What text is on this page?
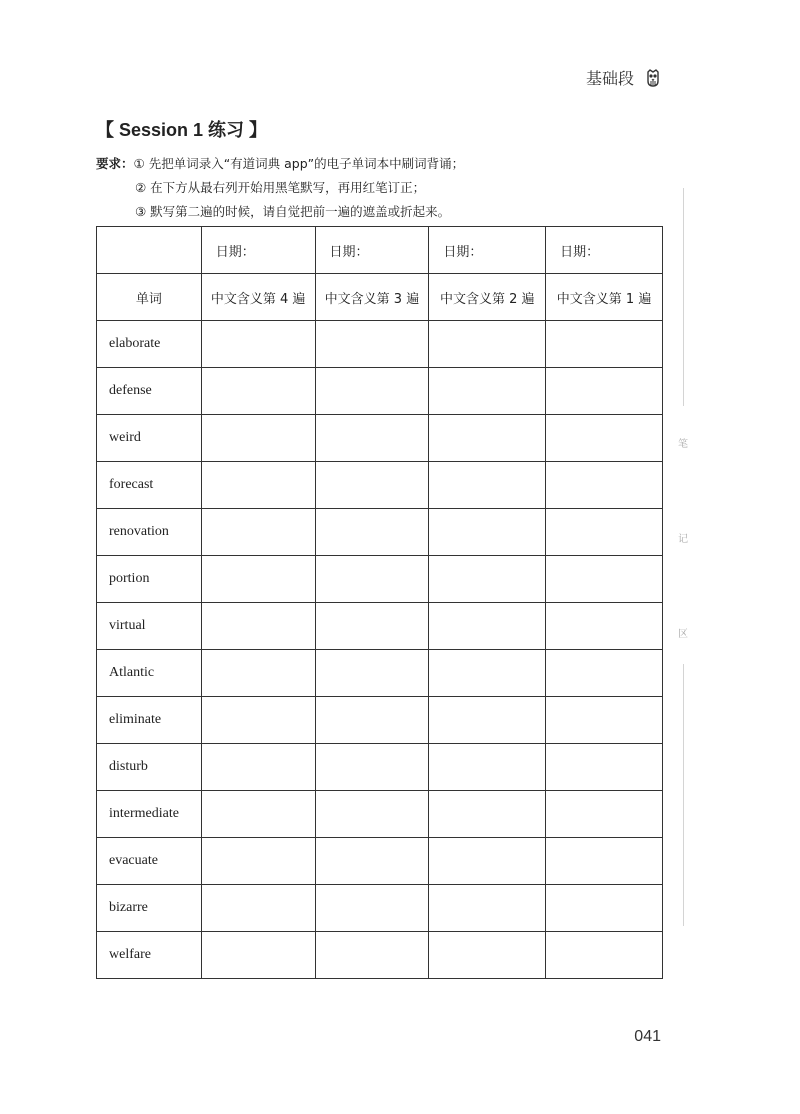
基础段
【 Session 1 练习 】
要求：① 先把单词录入“有道词典 app”的电子单词本中刷词背诵；
② 在下方从最右列开始用黑笔默写，再用红笔订正；
③ 默写第二遍的时候，请自觉把前一遍的遮盖或折起来。
	日期：	日期：	日期：	日期：
单词	中文含义第 4 遍	中文含义第 3 遍	中文含义第 2 遍	中文含义第 1 遍
elaborate				
defense				
weird				
forecast				
renovation				
portion				
virtual				
Atlantic				
eliminate				
disturb				
intermediate				
evacuate				
bizarre				
welfare				
笔
记
区
041
